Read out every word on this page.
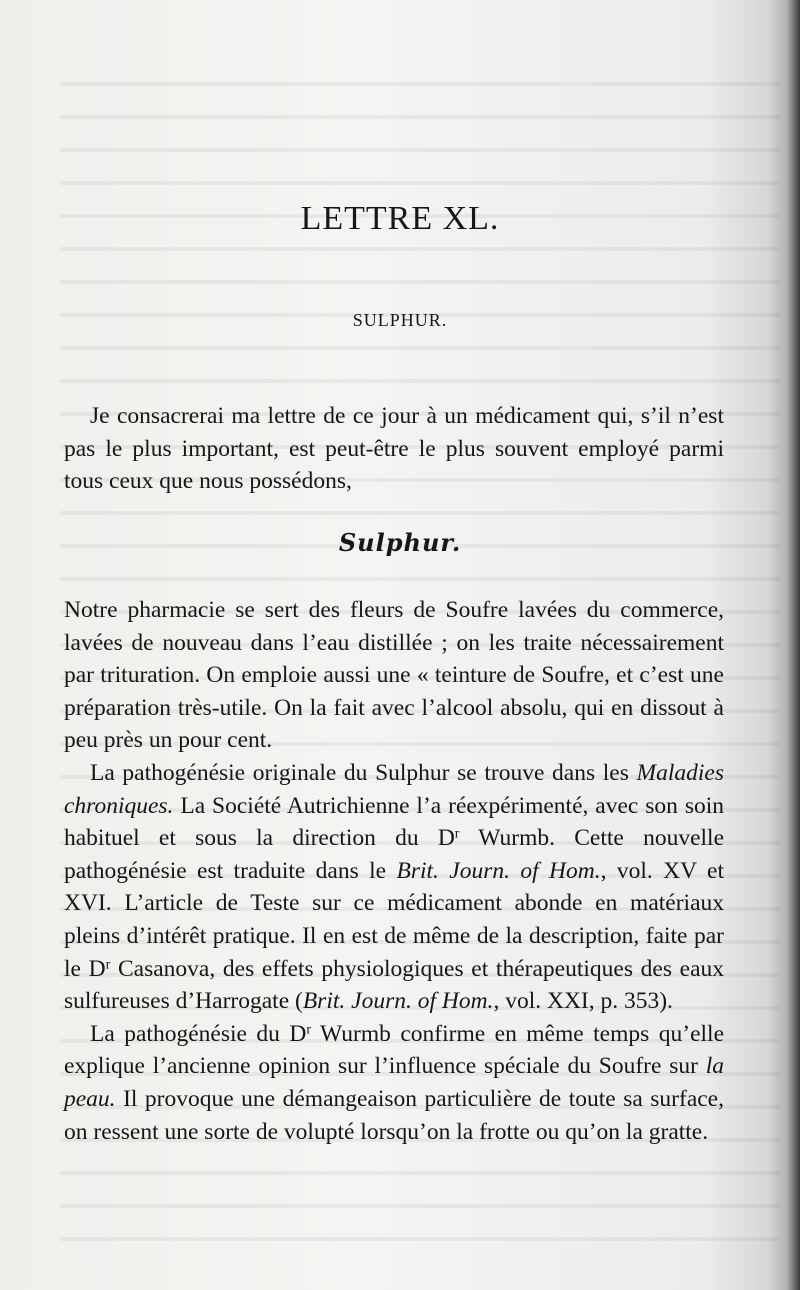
LETTRE XL.
SULPHUR.

Je consacrerai ma lettre de ce jour à un médicament qui, s’il n’est pas le plus important, est peut-être le plus souvent employé parmi tous ceux que nous possédons,

Sulphur.

Notre pharmacie se sert des fleurs de Soufre lavées du commerce, lavées de nouveau dans l’eau distillée ; on les traite nécessairement par trituration. On emploie aussi une « teinture de Soufre, et c’est une préparation très-utile. On la fait avec l’alcool absolu, qui en dissout à peu près un pour cent.

La pathogénésie originale du Sulphur se trouve dans les Maladies chroniques. La Société Autrichienne l’a réexpérimenté, avec son soin habituel et sous la direction du $D^r$ Wurmb. Cette nouvelle pathogénésie est traduite dans le Brit. Journ. of Hom., vol. XV et XVI. L’article de Teste sur ce médicament abonde en matériaux pleins d’intérêt pratique. Il en est de même de la description, faite par le $D^r$ Casanova, des effets physiologiques et thérapeutiques des eaux sulfureuses d’Harrogate (Brit. Journ. of Hom., vol. XXI, p. 353).

La pathogénésie du $D^r$ Wurmb confirme en même temps qu’elle explique l’ancienne opinion sur l’influence spéciale du Soufre sur la peau. Il provoque une démangeaison particulière de toute sa surface, on ressent une sorte de volupté lorsqu’on la frotte ou qu’on la gratte.
